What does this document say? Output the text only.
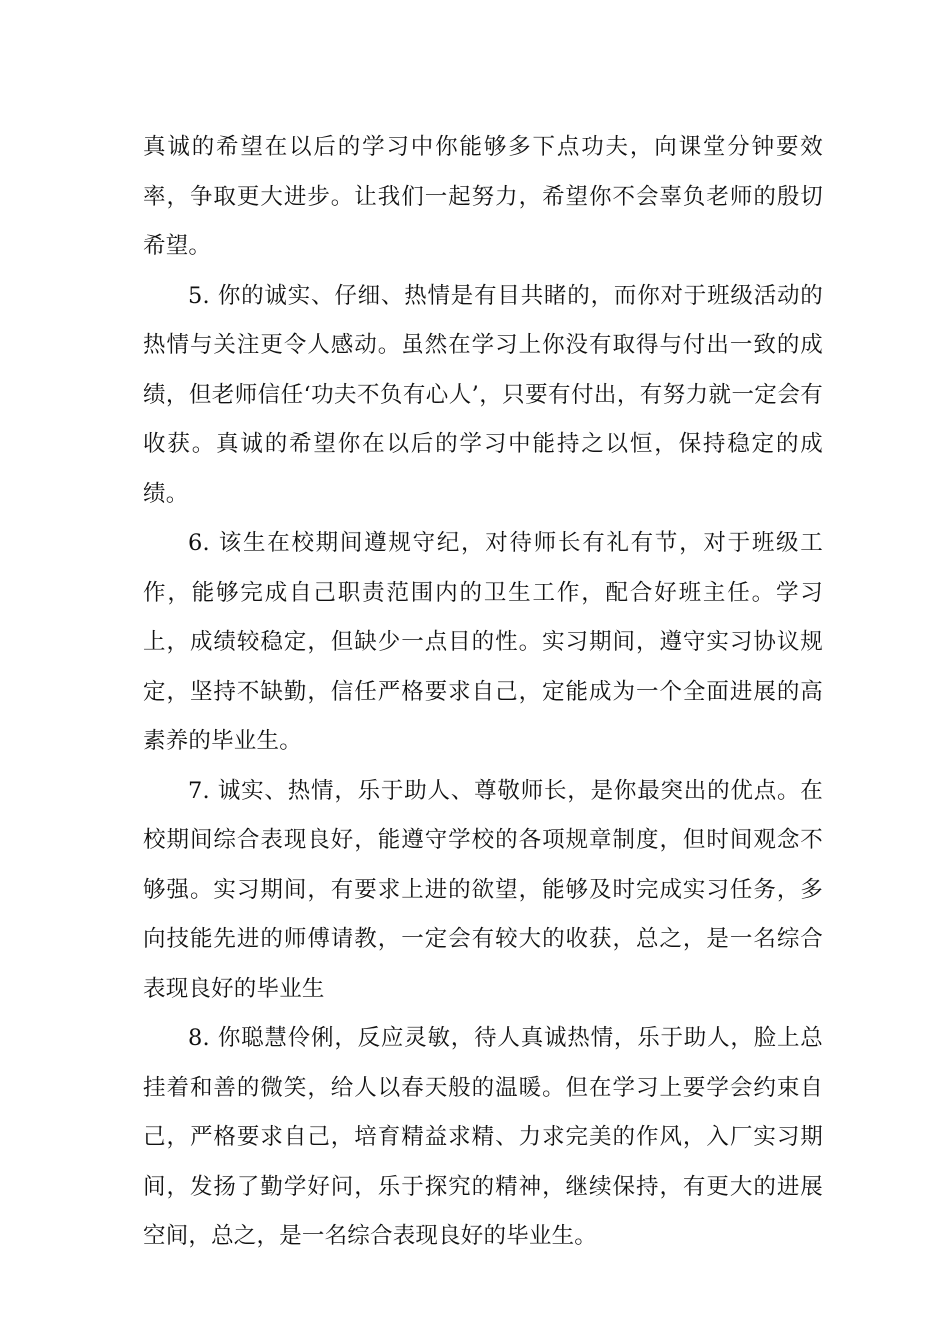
真诚的希望在以后的学习中你能够多下点功夫，向课堂分钟要效率，争取更大进步。让我们一起努力，希望你不会辜负老师的殷切希望。

5. 你的诚实、仔细、热情是有目共睹的，而你对于班级活动的热情与关注更令人感动。虽然在学习上你没有取得与付出一致的成绩，但老师信任‘功夫不负有心人’，只要有付出，有努力就一定会有收获。真诚的希望你在以后的学习中能持之以恒，保持稳定的成绩。

6. 该生在校期间遵规守纪，对待师长有礼有节，对于班级工作，能够完成自己职责范围内的卫生工作，配合好班主任。学习上，成绩较稳定，但缺少一点目的性。实习期间，遵守实习协议规定，坚持不缺勤，信任严格要求自己，定能成为一个全面进展的高素养的毕业生。

7. 诚实、热情，乐于助人、尊敬师长，是你最突出的优点。在校期间综合表现良好，能遵守学校的各项规章制度，但时间观念不够强。实习期间，有要求上进的欲望，能够及时完成实习任务，多向技能先进的师傅请教，一定会有较大的收获，总之，是一名综合表现良好的毕业生

8. 你聪慧伶俐，反应灵敏，待人真诚热情，乐于助人，脸上总挂着和善的微笑，给人以春天般的温暖。但在学习上要学会约束自己，严格要求自己，培育精益求精、力求完美的作风，入厂实习期间，发扬了勤学好问，乐于探究的精神，继续保持，有更大的进展空间，总之，是一名综合表现良好的毕业生。
